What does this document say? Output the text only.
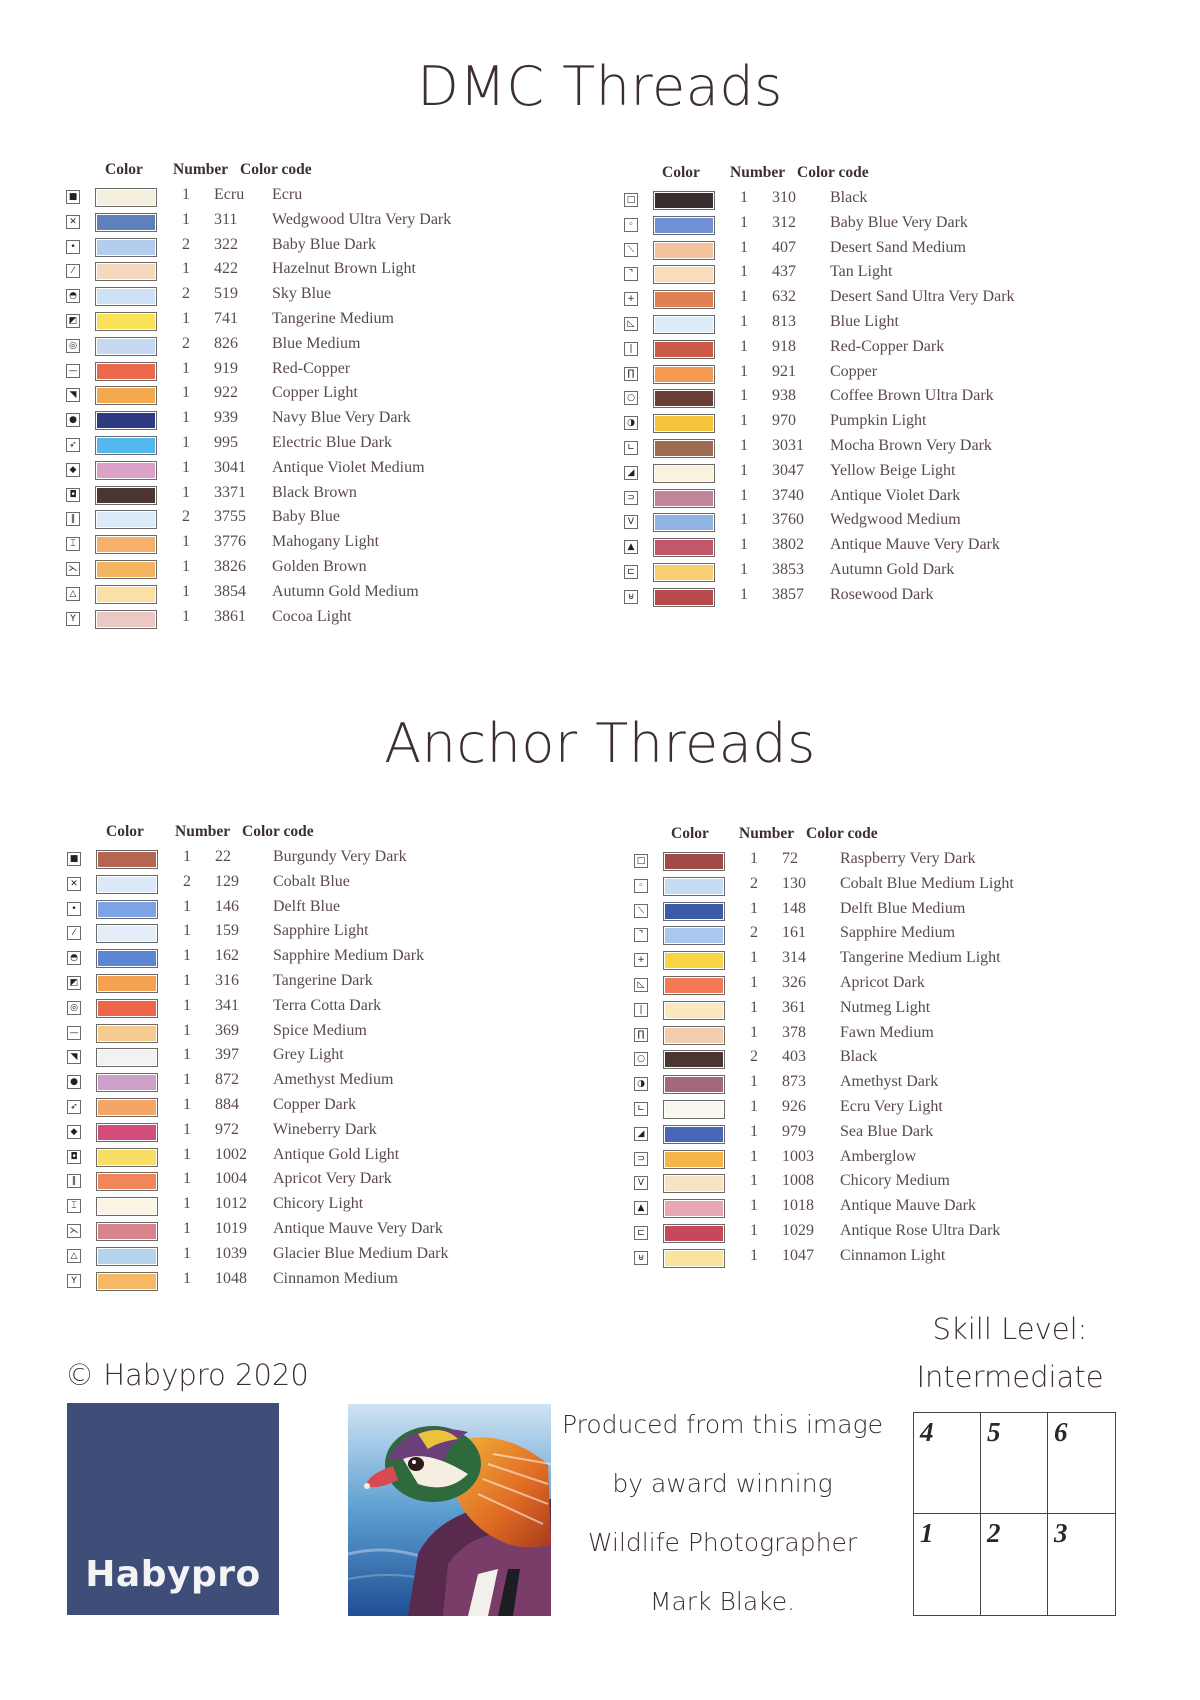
DMC Threads
Color Number Color code
■	1 Ecru Ecru
✕	1 311 Wedgwood Ultra Very Dark
•	2 322 Baby Blue Dark
⁄	1 422 Hazelnut Brown Light
◓	2 519 Sky Blue
◩	1 741 Tangerine Medium
◎	2 826 Blue Medium
—	1 919 Red-Copper
◥	1 922 Copper Light
●	1 939 Navy Blue Very Dark
➶	1 995 Electric Blue Dark
◆	1 3041 Antique Violet Medium
◘	1 3371 Black Brown
‖	2 3755 Baby Blue
⌶	1 3776 Mahogany Light
⋋	1 3826 Golden Brown
△	1 3854 Autumn Gold Medium
Y	1 3861 Cocoa Light
Color Number Color code
□	1 310 Black
◦	1 312 Baby Blue Very Dark
⟍	1 407 Desert Sand Medium
⌝	1 437 Tan Light
+	1 632 Desert Sand Ultra Very Dark
◺	1 813 Blue Light
|	1 918 Red-Copper Dark
∏	1 921 Copper
○	1 938 Coffee Brown Ultra Dark
◑	1 970 Pumpkin Light
∟	1 3031 Mocha Brown Very Dark
◢	1 3047 Yellow Beige Light
⊃	1 3740 Antique Violet Dark
V	1 3760 Wedgwood Medium
▲	1 3802 Antique Mauve Very Dark
⊏	1 3853 Autumn Gold Dark
⊎	1 3857 Rosewood Dark
Anchor Threads
Color Number Color code
■	1 22	Burgundy Very Dark
✕	2 129 Cobalt Blue
•	1 146 Delft Blue
⁄	1 159 Sapphire Light
◓	1 162 Sapphire Medium Dark
◩	1 316 Tangerine Dark
◎	1 341 Terra Cotta Dark
—	1 369 Spice Medium
◥	1 397 Grey Light
●	1 872 Amethyst Medium
➶	1 884 Copper Dark
◆	1 972 Wineberry Dark
◘	1 1002 Antique Gold Light
‖	1 1004 Apricot Very Dark
⌶	1 1012 Chicory Light
⋋	1 1019 Antique Mauve Very Dark
△	1 1039 Glacier Blue Medium Dark
Y	1 1048 Cinnamon Medium
Color Number Color code
□	1 72	Raspberry Very Dark
◦	2 130 Cobalt Blue Medium Light
⟍	1 148 Delft Blue Medium
⌝	2 161 Sapphire Medium
+	1 314 Tangerine Medium Light
◺	1 326 Apricot Dark
|	1 361 Nutmeg Light
∏	1 378 Fawn Medium
○	2 403 Black
◑	1 873 Amethyst Dark
∟	1 926 Ecru Very Light
◢	1 979 Sea Blue Dark
⊃	1 1003 Amberglow
V	1 1008 Chicory Medium
▲	1 1018 Antique Mauve Dark
⊏	1 1029 Antique Rose Ultra Dark
⊎	1 1047 Cinnamon Light
© Habypro 2020
Habypro
Produced from this image
by award winning
Wildlife Photographer
Mark Blake.
Skill Level:
Intermediate
4	5	6
1	2	3
